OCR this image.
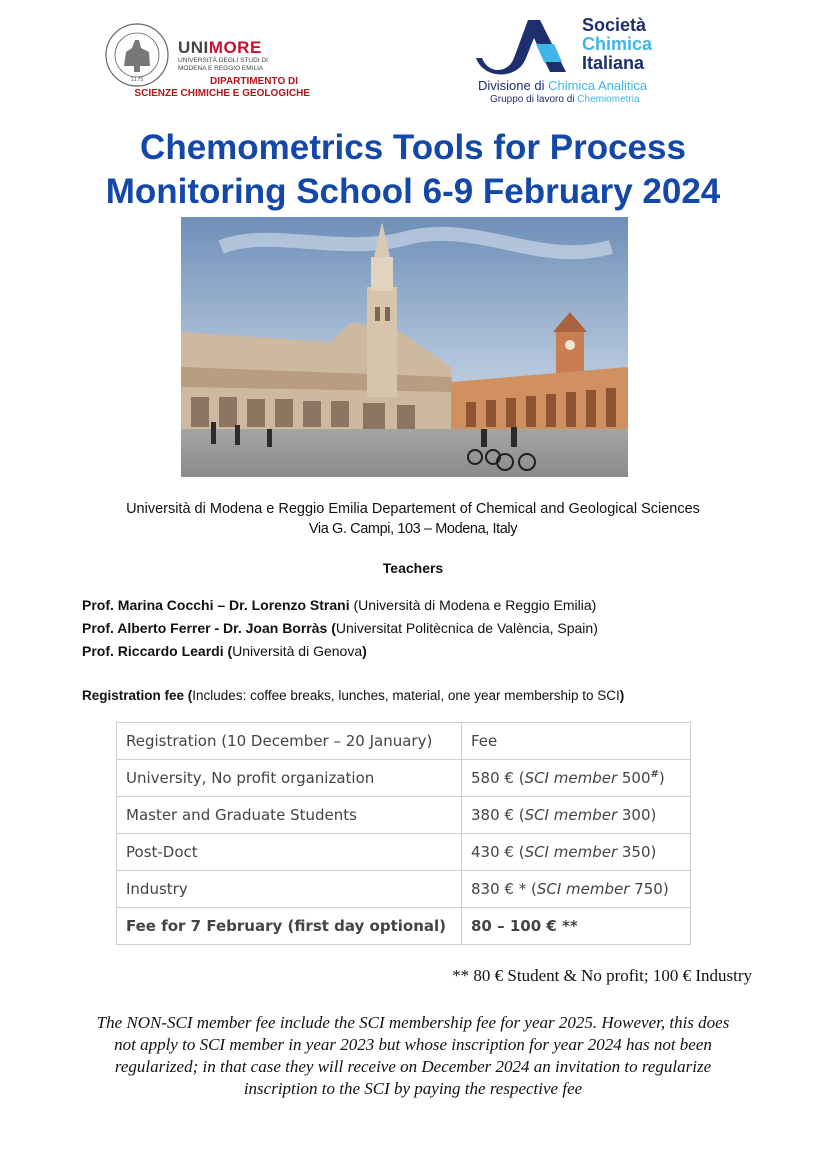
1175
UNIMORE
UNIVERSITÀ DEGLI STUDI DI
MODENA E REGGIO EMILIA
DIPARTIMENTO DI
SCIENZE CHIMICHE E GEOLOGICHE
Società
Chimica
Italiana
Divisione di Chimica Analitica
Gruppo di lavoro di Chemiometria
Chemometrics Tools for Process
Monitoring School 6-9 February 2024
Università di Modena e Reggio Emilia Departement of Chemical and Geological Sciences
Via G. Campi, 103 – Modena, Italy
Teachers
Prof. Marina Cocchi – Dr. Lorenzo Strani (Università di Modena e Reggio Emilia)
Prof. Alberto Ferrer - Dr. Joan Borràs (Universitat Politècnica de València, Spain)
Prof. Riccardo Leardi (Università di Genova)
Registration fee (Includes: coffee breaks, lunches, material, one year membership to SCI)
Registration (10 December – 20 January)	Fee
University, No profit organization	580 € (SCI member 500#)
Master and Graduate Students	380 € (SCI member 300)
Post-Doct	430 € (SCI member 350)
Industry	830 € * (SCI member 750)
Fee for 7 February (first day optional)	80 – 100 € **
** 80 € Student & No profit; 100 € Industry
The NON-SCI member fee include the SCI membership fee for year 2025. However, this does
not apply to SCI member in year 2023 but whose inscription for year 2024 has not been
regularized; in that case they will receive on December 2024 an invitation to regularize
inscription to the SCI by paying the respective fee
